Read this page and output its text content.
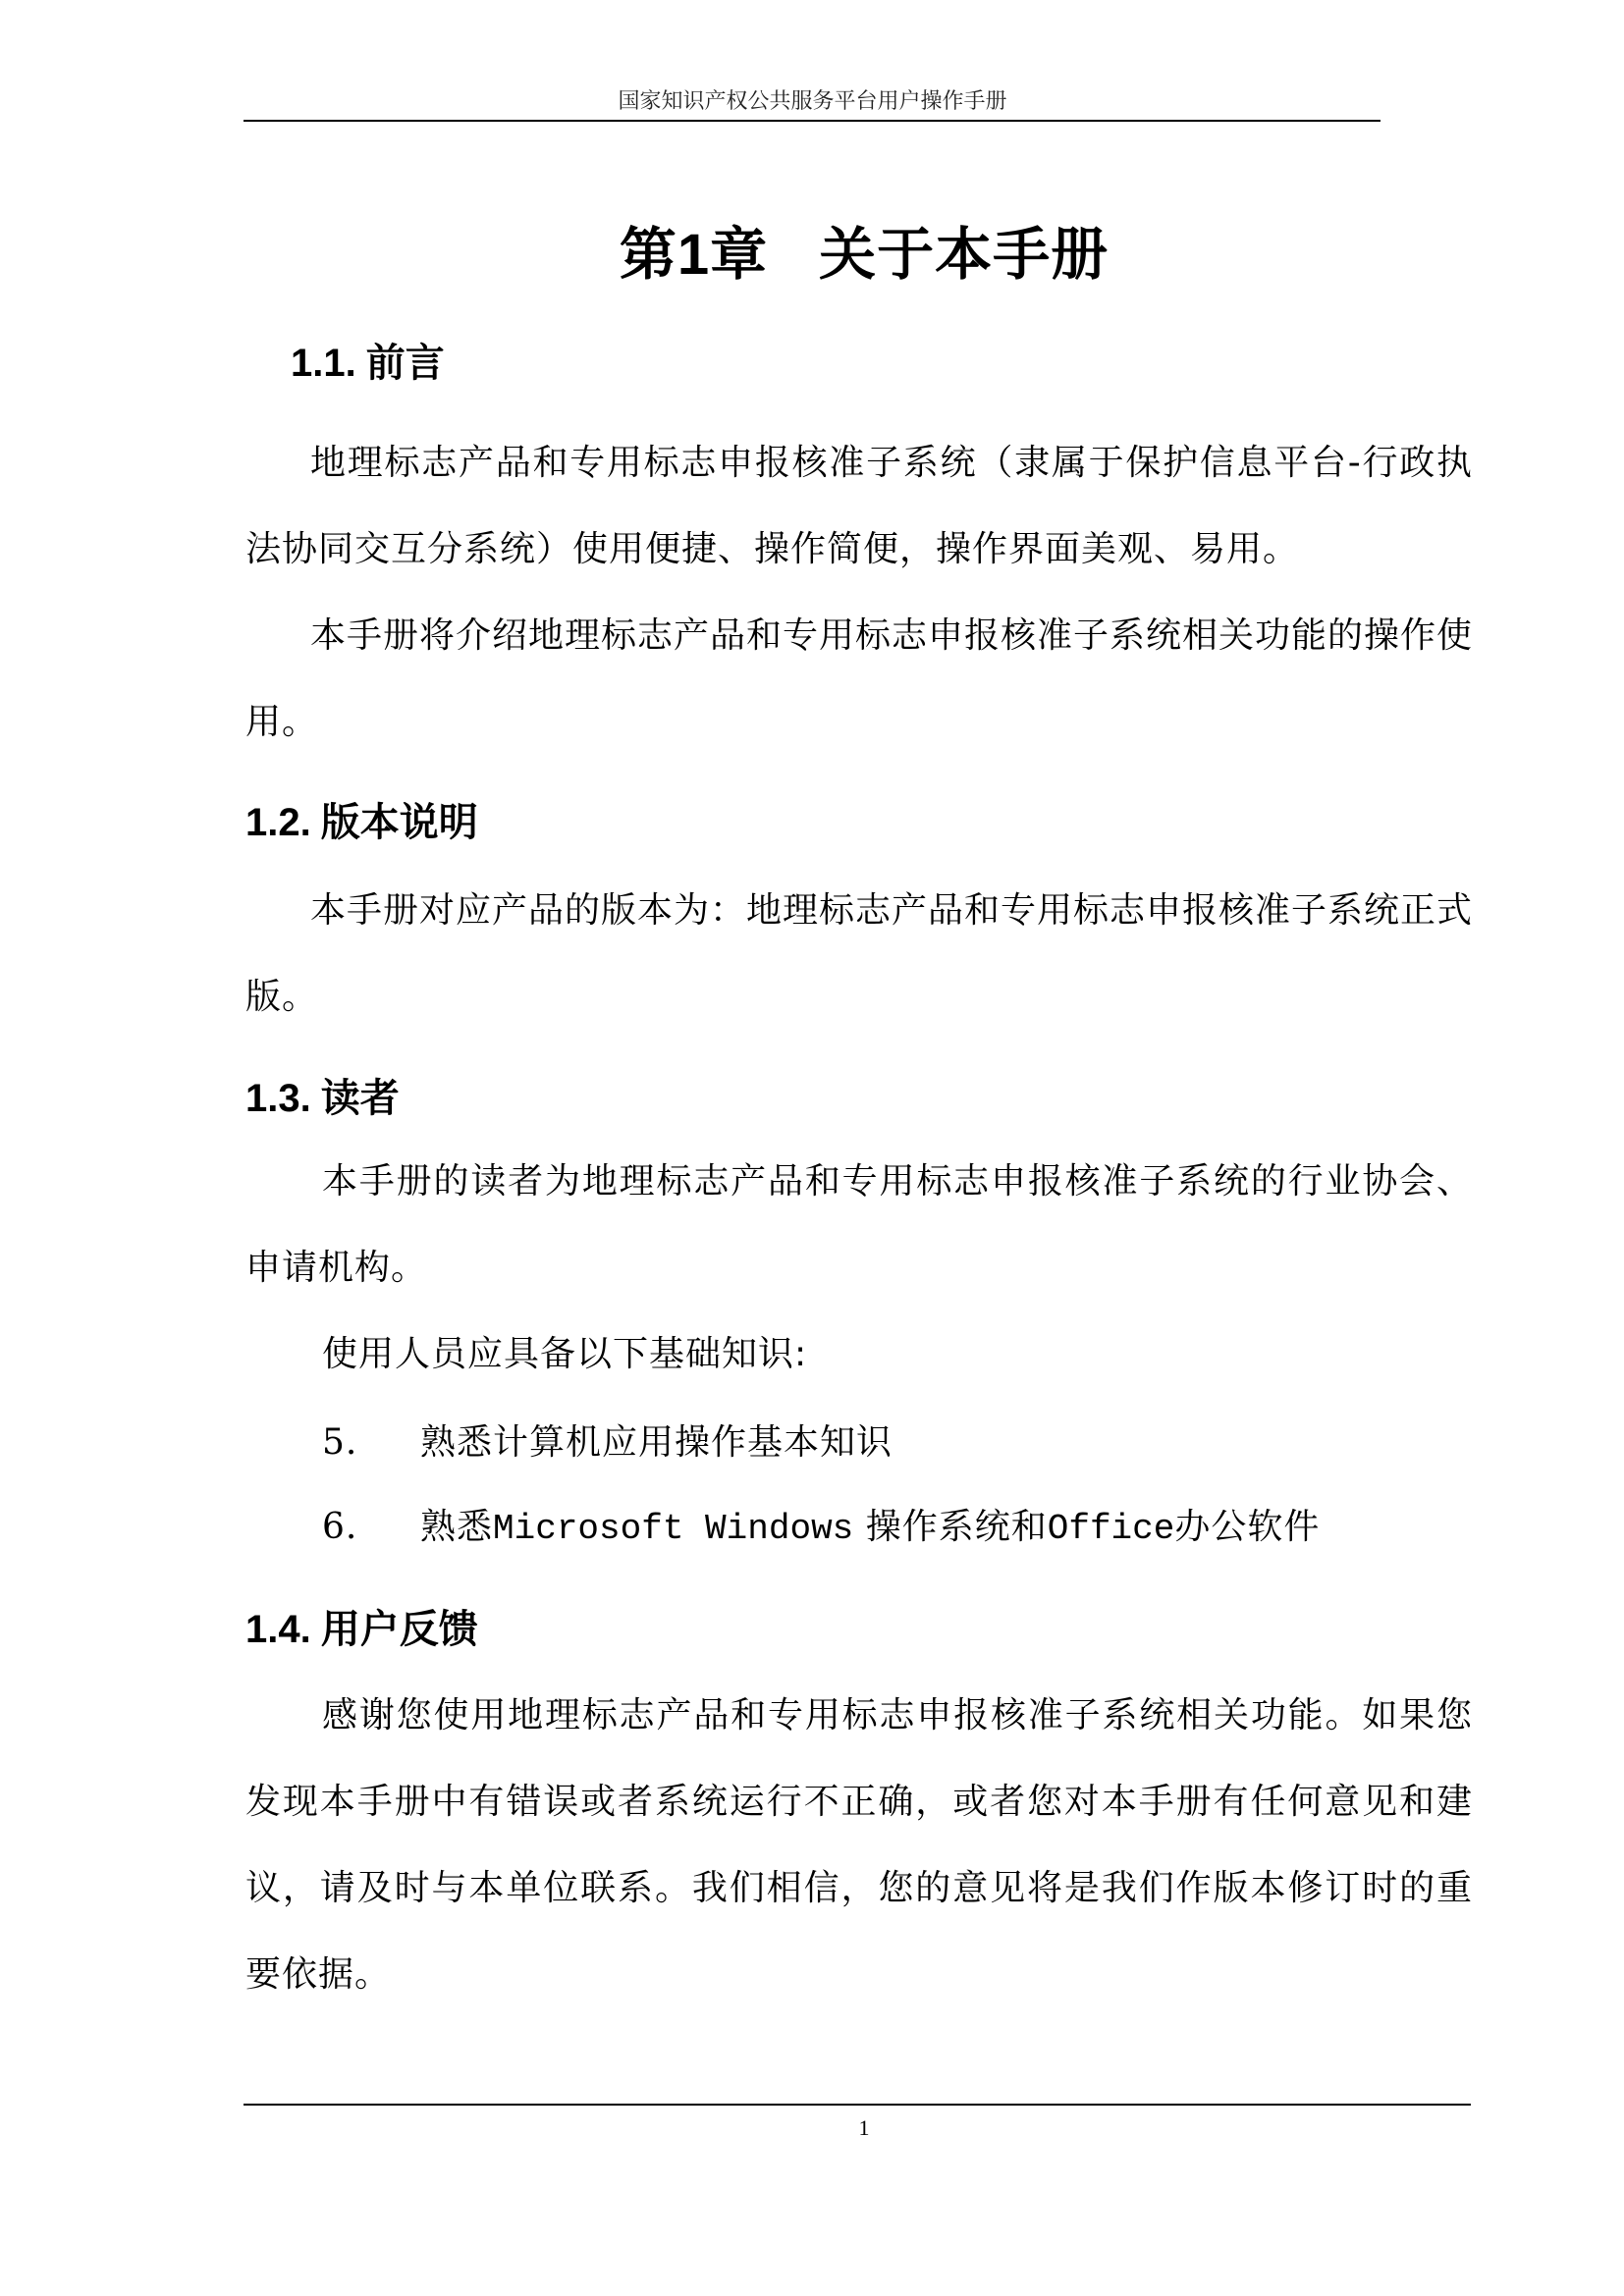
国家知识产权公共服务平台用户操作手册
第1章 关于本手册
1.1. 前言
地理标志产品和专用标志申报核准子系统（隶属于保护信息平台-行政执法协同交互分系统）使用便捷、操作简便，操作界面美观、易用。
本手册将介绍地理标志产品和专用标志申报核准子系统相关功能的操作使用。
1.2. 版本说明
本手册对应产品的版本为：地理标志产品和专用标志申报核准子系统正式版。
1.3. 读者
本手册的读者为地理标志产品和专用标志申报核准子系统的行业协会、申请机构。
使用人员应具备以下基础知识:
5. 熟悉计算机应用操作基本知识
6. 熟悉Microsoft Windows 操作系统和Office办公软件
1.4. 用户反馈
感谢您使用地理标志产品和专用标志申报核准子系统相关功能。如果您发现本手册中有错误或者系统运行不正确，或者您对本手册有任何意见和建议，请及时与本单位联系。我们相信，您的意见将是我们作版本修订时的重要依据。
1
